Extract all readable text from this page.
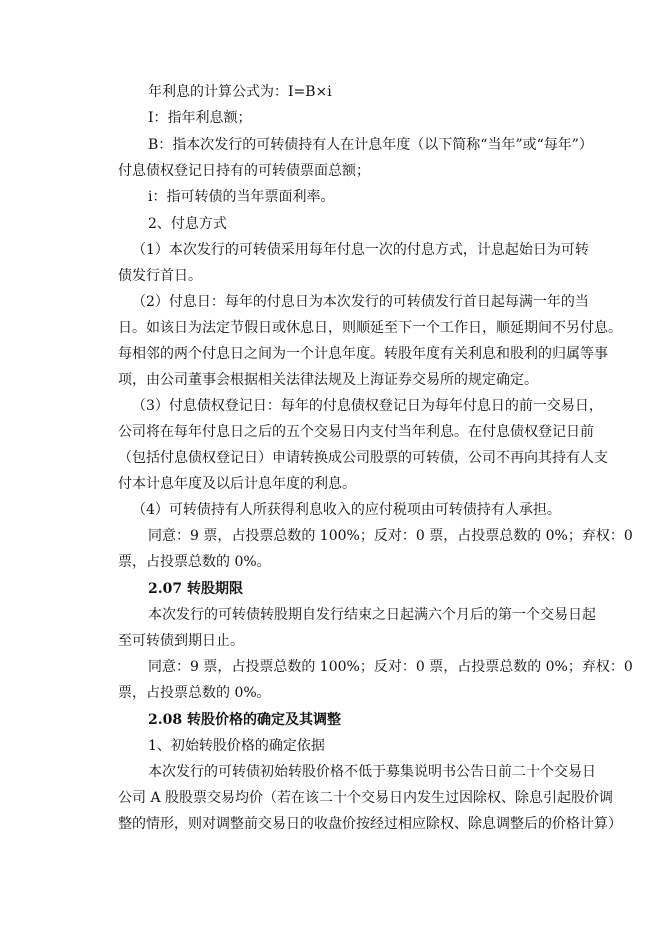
年利息的计算公式为：I=B×i
I：指年利息额；
B：指本次发行的可转债持有人在计息年度（以下简称“当年”或“每年”）
付息债权登记日持有的可转债票面总额；
i：指可转债的当年票面利率。
2、付息方式
（1）本次发行的可转债采用每年付息一次的付息方式，计息起始日为可转
债发行首日。
（2）付息日：每年的付息日为本次发行的可转债发行首日起每满一年的当
日。如该日为法定节假日或休息日，则顺延至下一个工作日，顺延期间不另付息。
每相邻的两个付息日之间为一个计息年度。转股年度有关利息和股利的归属等事
项，由公司董事会根据相关法律法规及上海证券交易所的规定确定。
（3）付息债权登记日：每年的付息债权登记日为每年付息日的前一交易日，
公司将在每年付息日之后的五个交易日内支付当年利息。在付息债权登记日前
（包括付息债权登记日）申请转换成公司股票的可转债，公司不再向其持有人支
付本计息年度及以后计息年度的利息。
（4）可转债持有人所获得利息收入的应付税项由可转债持有人承担。
同意：9 票，占投票总数的 100%；反对：0 票，占投票总数的 0%；弃权：0
票，占投票总数的 0%。
2.07 转股期限
本次发行的可转债转股期自发行结束之日起满六个月后的第一个交易日起
至可转债到期日止。
同意：9 票，占投票总数的 100%；反对：0 票，占投票总数的 0%；弃权：0
票，占投票总数的 0%。
2.08 转股价格的确定及其调整
1、初始转股价格的确定依据
本次发行的可转债初始转股价格不低于募集说明书公告日前二十个交易日
公司 A 股股票交易均价（若在该二十个交易日内发生过因除权、除息引起股价调
整的情形，则对调整前交易日的收盘价按经过相应除权、除息调整后的价格计算）
